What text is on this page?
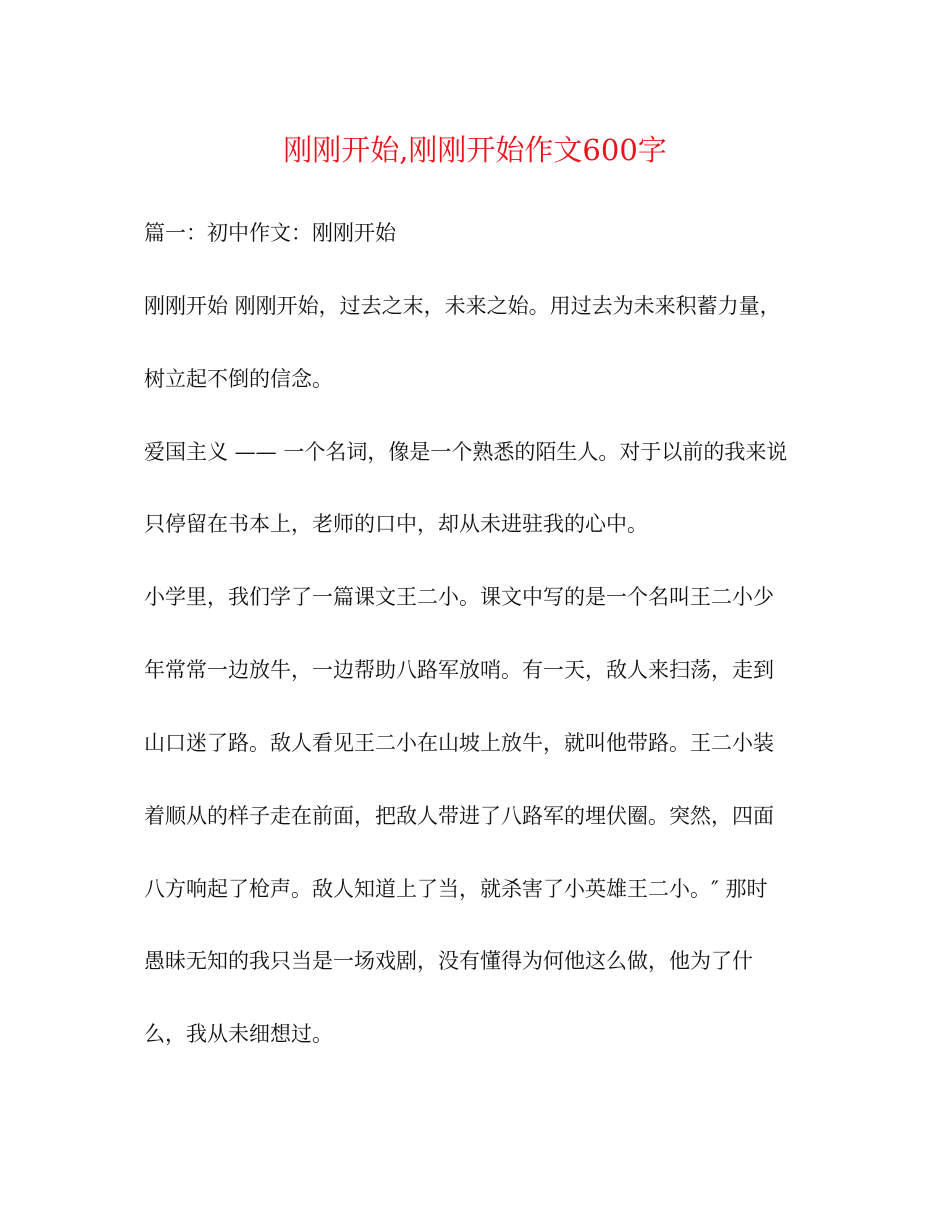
刚刚开始,刚刚开始作文600字
篇一：初中作文：刚刚开始
刚刚开始 刚刚开始，过去之末，未来之始。用过去为未来积蓄力量，
树立起不倒的信念。
爱国主义 —— 一个名词，像是一个熟悉的陌生人。对于以前的我来说
只停留在书本上，老师的口中，却从未进驻我的心中。
小学里，我们学了一篇课文王二小。课文中写的是一个名叫王二小少
年常常一边放牛，一边帮助八路军放哨。有一天，敌人来扫荡，走到
山口迷了路。敌人看见王二小在山坡上放牛，就叫他带路。王二小装
着顺从的样子走在前面，把敌人带进了八路军的埋伏圈。突然，四面
八方响起了枪声。敌人知道上了当，就杀害了小英雄王二小。″ 那时
愚昧无知的我只当是一场戏剧，没有懂得为何他这么做，他为了什
么，我从未细想过。
